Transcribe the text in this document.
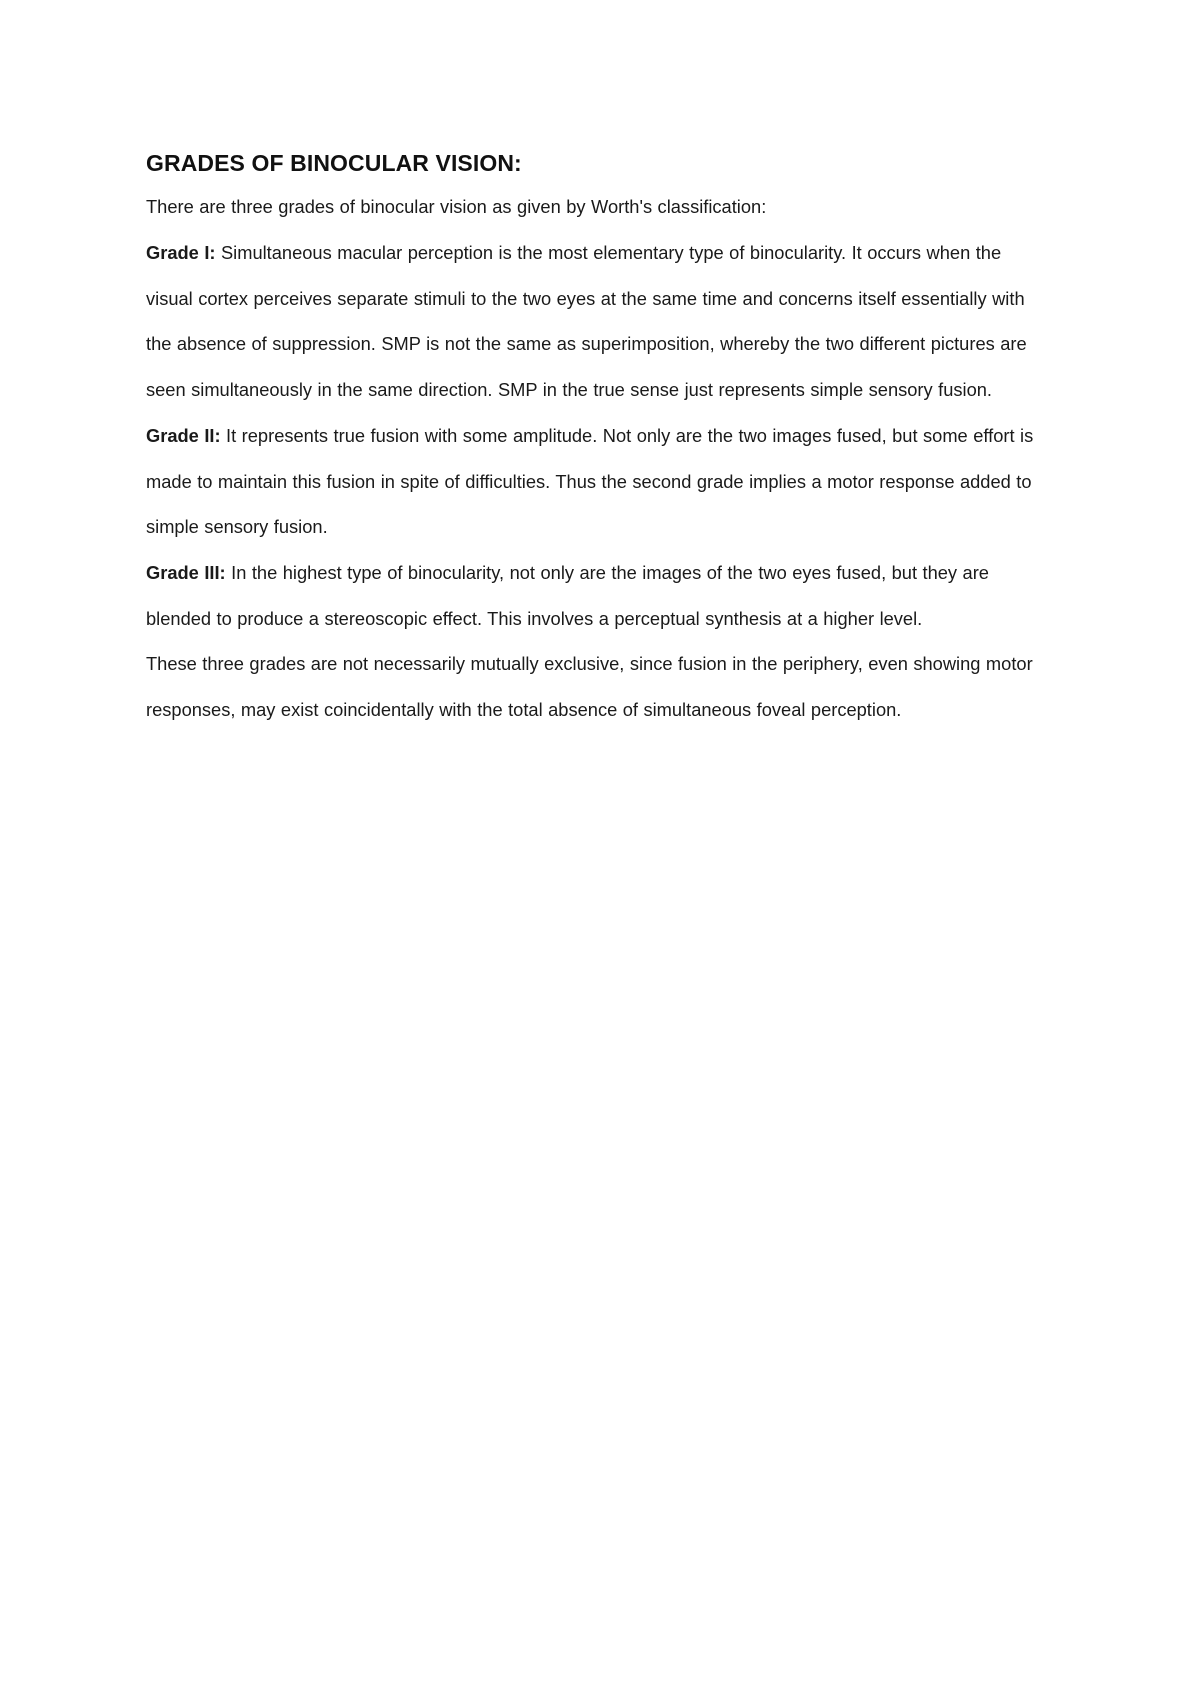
GRADES OF BINOCULAR VISION:

There are three grades of binocular vision as given by Worth's classification:

Grade I: Simultaneous macular perception is the most elementary type of binocularity. It occurs when the visual cortex perceives separate stimuli to the two eyes at the same time and concerns itself essentially with the absence of suppression. SMP is not the same as superimposition, whereby the two different pictures are seen simultaneously in the same direction. SMP in the true sense just represents simple sensory fusion.

Grade II: It represents true fusion with some amplitude. Not only are the two images fused, but some effort is made to maintain this fusion in spite of difficulties. Thus the second grade implies a motor response added to simple sensory fusion.

Grade III: In the highest type of binocularity, not only are the images of the two eyes fused, but they are blended to produce a stereoscopic effect. This involves a perceptual synthesis at a higher level.

These three grades are not necessarily mutually exclusive, since fusion in the periphery, even showing motor responses, may exist coincidentally with the total absence of simultaneous foveal perception.
